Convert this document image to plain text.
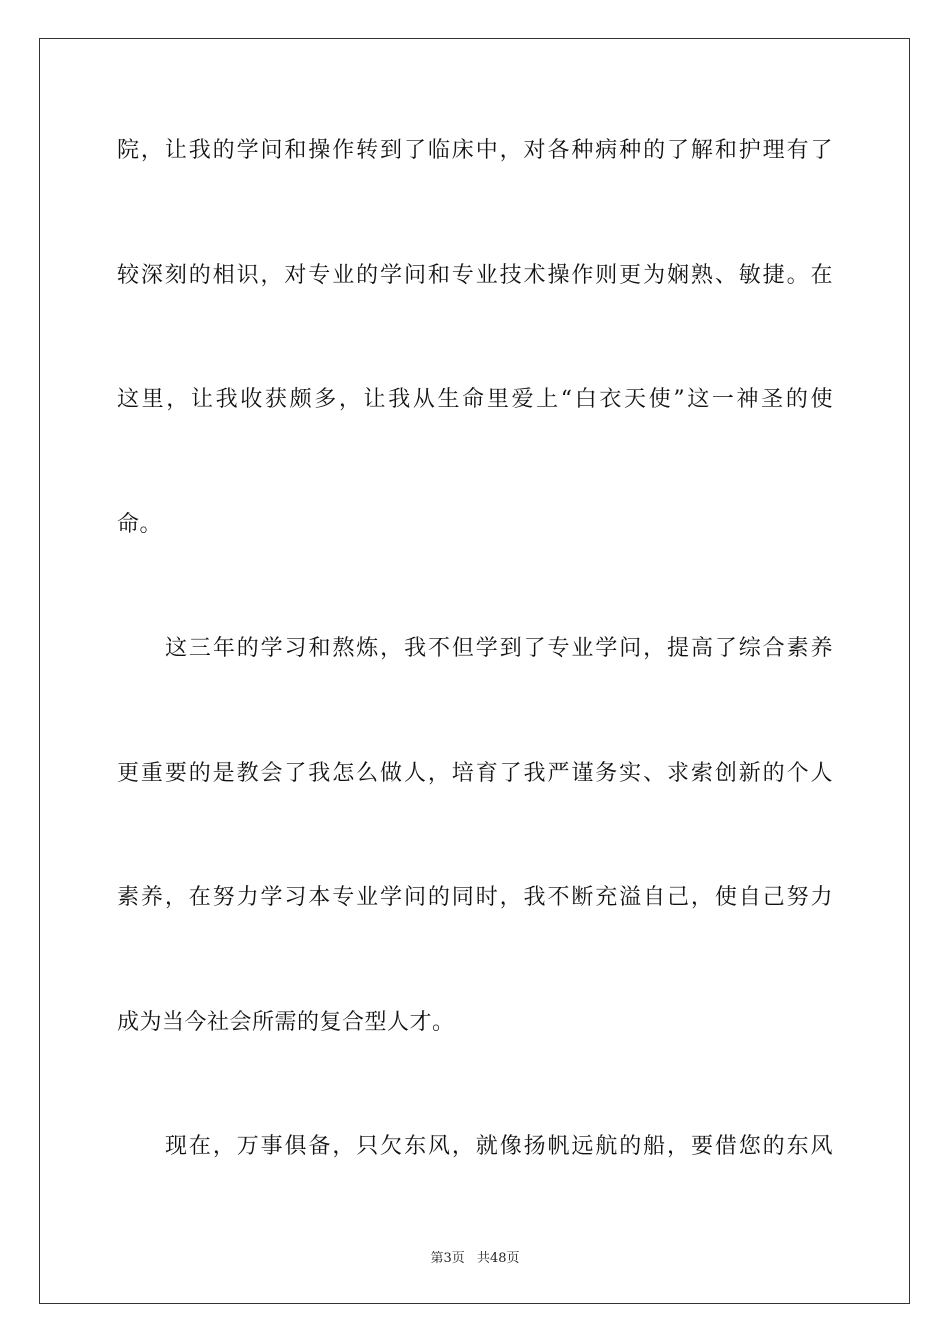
院，让我的学问和操作转到了临床中，对各种病种的了解和护理有了
较深刻的相识，对专业的学问和专业技术操作则更为娴熟、敏捷。在
这里，让我收获颇多，让我从生命里爱上“白衣天使”这一神圣的使
命。
这三年的学习和熬炼，我不但学到了专业学问，提高了综合素养
更重要的是教会了我怎么做人，培育了我严谨务实、求索创新的个人
素养，在努力学习本专业学问的同时，我不断充溢自己，使自己努力
成为当今社会所需的复合型人才。
现在，万事俱备，只欠东风，就像扬帆远航的船，要借您的东风
第3页 共48页
